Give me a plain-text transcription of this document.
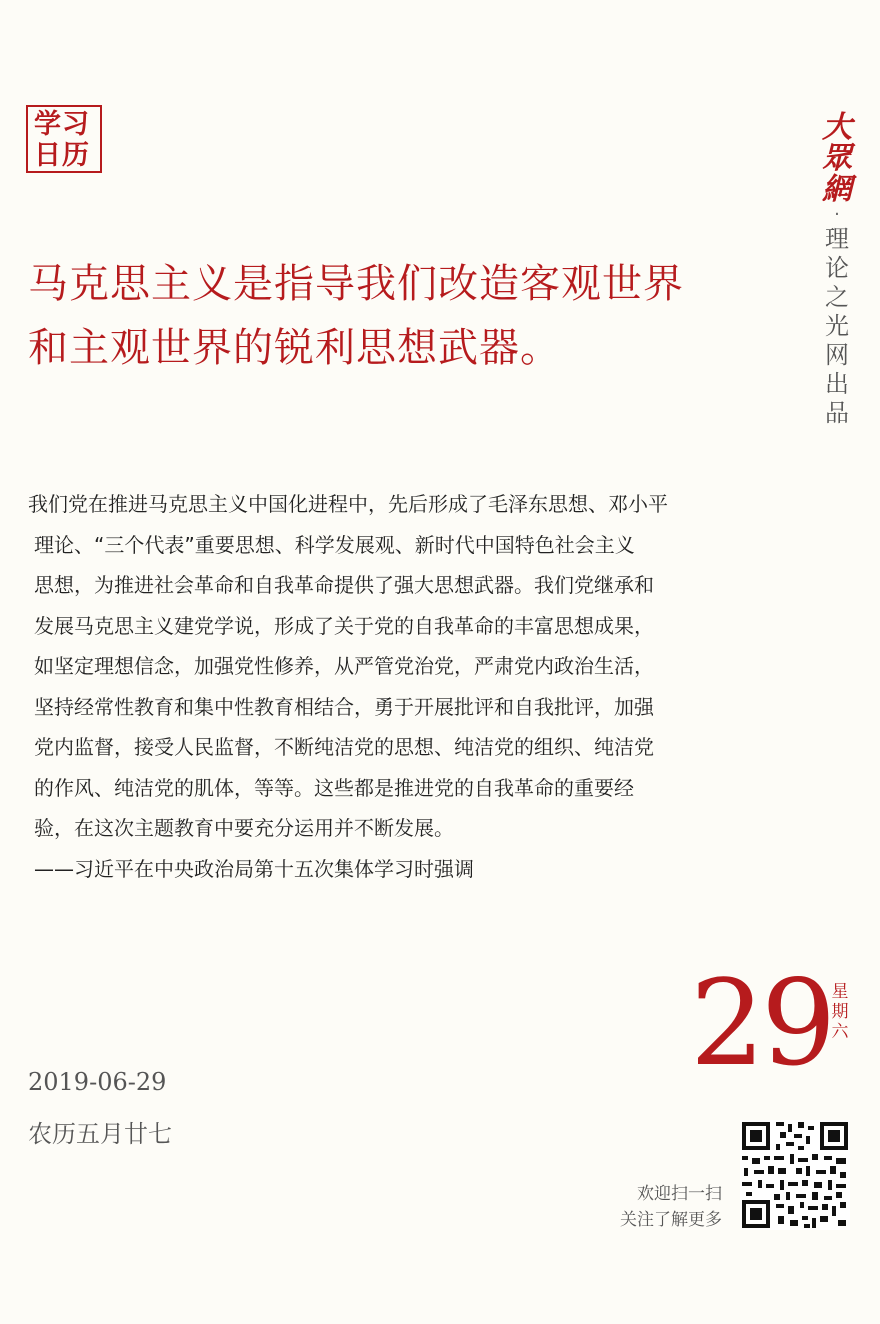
学习
日历
大
眾
網
·
理
论
之
光
网
出
品
马克思主义是指导我们改造客观世界
和主观世界的锐利思想武器。
我们党在推进马克思主义中国化进程中，先后形成了毛泽东思想、邓小平
理论、“三个代表”重要思想、科学发展观、新时代中国特色社会主义
思想，为推进社会革命和自我革命提供了强大思想武器。我们党继承和
发展马克思主义建党学说，形成了关于党的自我革命的丰富思想成果，
如坚定理想信念，加强党性修养，从严管党治党，严肃党内政治生活，
坚持经常性教育和集中性教育相结合，勇于开展批评和自我批评，加强
党内监督，接受人民监督，不断纯洁党的思想、纯洁党的组织、纯洁党
的作风、纯洁党的肌体，等等。这些都是推进党的自我革命的重要经
验，在这次主题教育中要充分运用并不断发展。
——习近平在中央政治局第十五次集体学习时强调
29 星
期
六
2019-06-29
农历五月廿七
欢迎扫一扫
关注了解更多
